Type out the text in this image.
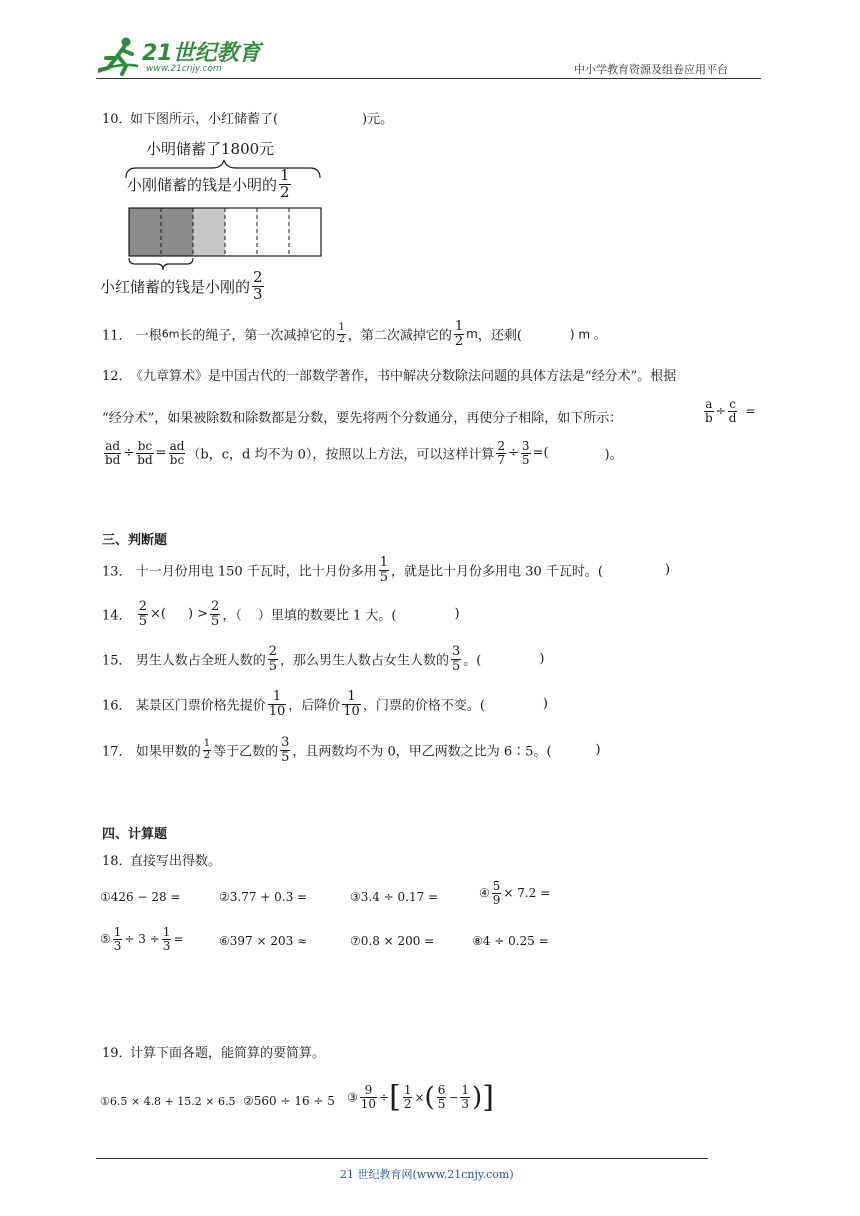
21世纪教育
www.21cnjy.com	中小学教育资源及组卷应用平台
10．
如下图所示，小红储蓄了(	)元。
小明储蓄了1800元
小刚储蓄的钱是小明的 $\frac{1}{2}$
小红储蓄的钱是小刚的 $\frac{2}{3}$
11． 一根6m长的绳子，第一次减掉它的 $\frac{1}{2}$ ，第二次减掉它的 $\frac{1}{2}$ m，还剩(	) m 。
12．
《九章算术》是中国古代的一部数学著作，书中解决分数除法问题的具体方法是“经分术”。根据
“经分术”，如果被除数和除数都是分数，要先将两个分数通分，再使分子相除，如下所示：	$\frac{a}{b} \div \frac{c}{d}$ =
$\frac{ad}{bd} \div \frac{bc}{bd} = \frac{ad}{bc} (b$，c，d 均不为 0），按照以上方法，可以这样计算 $\frac{2}{7} \div \frac{3}{5}$ =(	)。
三、判断题
13． 十一月份用电 150 千瓦时，比十月份多用 $\frac{1}{5}$ ，就是比十月份多用电 30 千瓦时。(	)
14． $\frac{2}{5}$ ×( ) > $\frac{2}{5}$ ，（ ）里填的数要比 1 大。(	)
15． 男生人数占全班人数的 $\frac{2}{5}$ ，那么男生人数占女生人数的 $\frac{3}{5}$ 。(	)
16． 某景区门票价格先提价 $\frac{1}{10}$ ，后降价 $\frac{1}{10}$ ，门票的价格不变。(	)
17． 如果甲数的 $\frac{1}{2}$ 等于乙数的 $\frac{3}{5}$ ，且两数均不为 0，甲乙两数之比为 6∶5。(	)
四、计算题
18．
直接写出得数。
①426 − 28 =	②3.77 + 0.3 =	③3.4 ÷ 0.17 =	④ $\frac{5}{9} \times 7.2$ =
⑤ $\frac{1}{3} \div 3 \div \frac{1}{3}$ =	⑥397 × 203 ≈	⑦0.8 × 200 =	⑧4 ÷ 0.25 =
19．
计算下面各题，能简算的要简算。
①6.5 × 4.8 + 15.2 × 6.5 ②560 ÷ 16 ÷ 5 ③ $\frac{9}{10}$ ÷[ $\frac{1}{2}$ ×( $\frac{6}{5} - \frac{1}{3}$ )]
21 世纪教育网(www.21cnjy.com)
